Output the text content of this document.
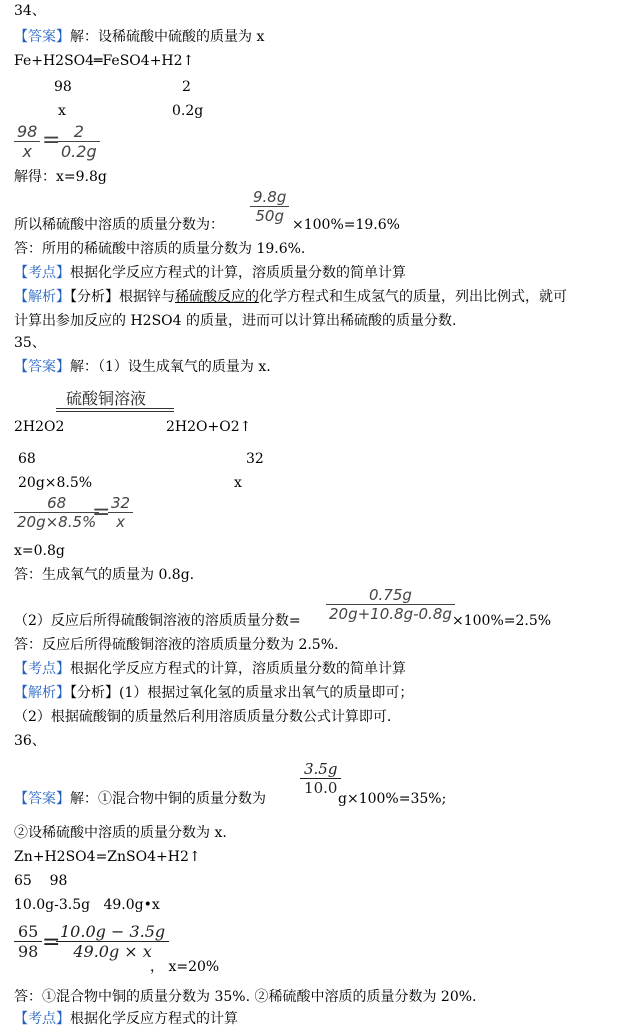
34、
【答案】解：设稀硫酸中硫酸的质量为 x
Fe+H2SO4═FeSO4+H2↑
98	2
x	0.2g
98
x = 2
0.2g
解得：x=9.8g
9.8g
50g
所以稀硫酸中溶质的质量分数为：	×100%=19.6%
答：所用的稀硫酸中溶质的质量分数为 19.6%.
【考点】根据化学反应方程式的计算，溶质质量分数的简单计算
【解析】【分析】根据锌与稀硫酸反应的化学方程式和生成氢气的质量，列出比例式，就可
计算出参加反应的 H2SO4 的质量，进而可以计算出稀硫酸的质量分数.
35、
【答案】解：（1）设生成氧气的质量为 x.
硫酸铜溶液
2H2O2	2H2O+O2↑
68	32
20g×8.5%	x
68
20g×8.5%
= 32
x
x=0.8g
答：生成氧气的质量为 0.8g.
0.75g
20g+10.8g-0.8g
（2）反应后所得硫酸铜溶液的溶质质量分数=	×100%=2.5%
答：反应后所得硫酸铜溶液的溶质质量分数为 2.5%.
【考点】根据化学反应方程式的计算，溶质质量分数的简单计算
【解析】【分析】(1）根据过氧化氢的质量求出氧气的质量即可；
（2）根据硫酸铜的质量然后利用溶质质量分数公式计算即可.
36、
3.5g
10.0
【答案】解：①混合物中铜的质量分数为	g×100%=35%;
②设稀硫酸中溶质的质量分数为 x.
Zn+H2SO4=ZnSO4+H2↑
65    98
10.0g-3.5g   49.0g•x
65
98 = 10.0g − 3.5g
49.0g × x
， x=20%
答：①混合物中铜的质量分数为 35%. ②稀硫酸中溶质的质量分数为 20%.
【考点】根据化学反应方程式的计算
